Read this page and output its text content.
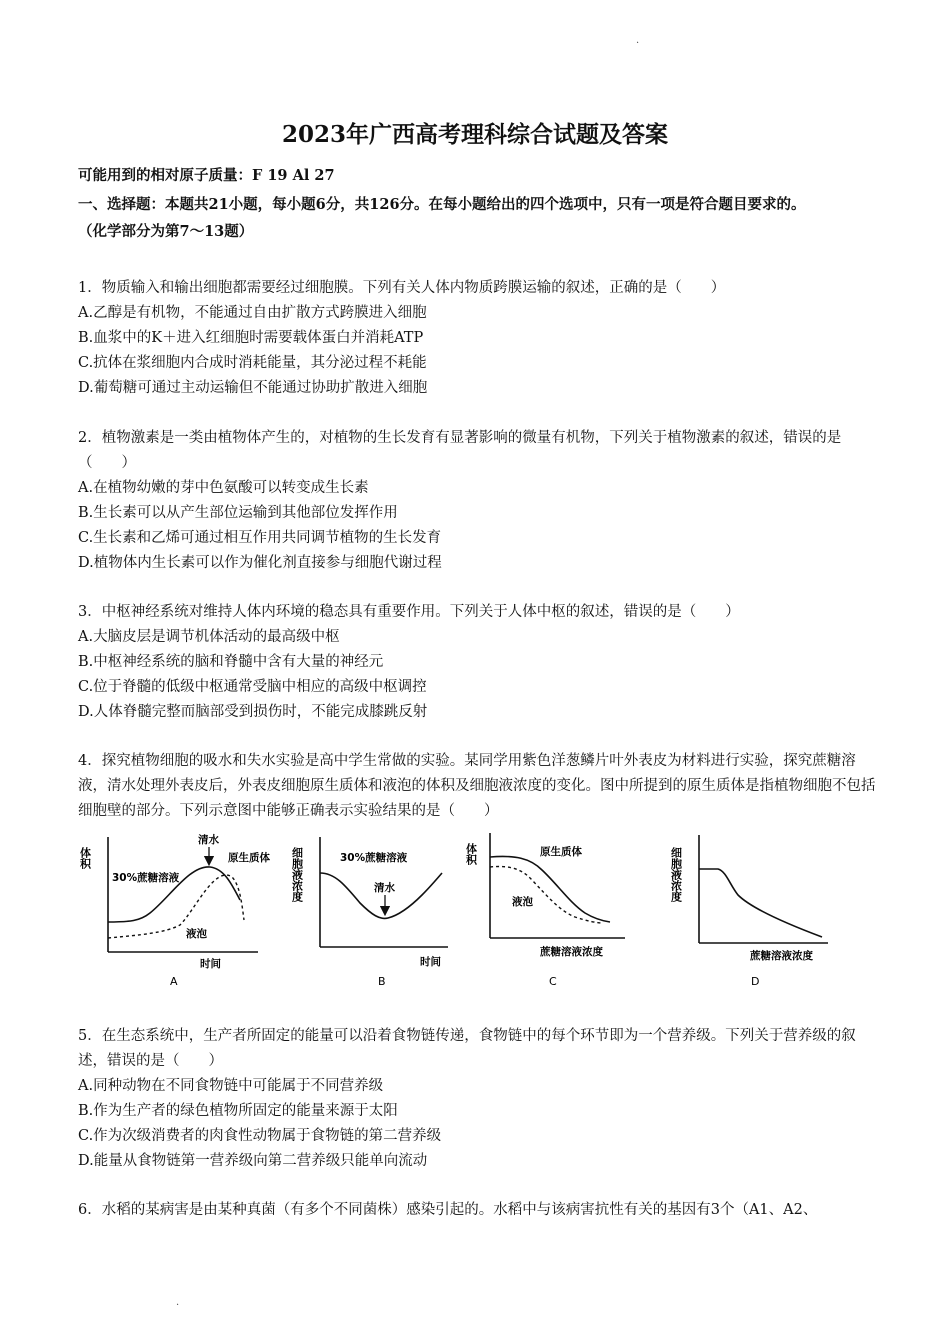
·
2023年广西高考理科综合试题及答案
可能用到的相对原子质量：F 19 Al 27
一、选择题：本题共21小题，每小题6分，共126分。在每小题给出的四个选项中，只有一项是符合题目要求的。
（化学部分为第7～13题）
1．物质输入和输出细胞都需要经过细胞膜。下列有关人体内物质跨膜运输的叙述，正确的是（　　）
A.乙醇是有机物，不能通过自由扩散方式跨膜进入细胞
B.血浆中的K＋进入红细胞时需要载体蛋白并消耗ATP
C.抗体在浆细胞内合成时消耗能量，其分泌过程不耗能
D.葡萄糖可通过主动运输但不能通过协助扩散进入细胞
2．植物激素是一类由植物体产生的，对植物的生长发育有显著影响的微量有机物，下列关于植物激素的叙述，错误的是（　　）
A.在植物幼嫩的芽中色氨酸可以转变成生长素
B.生长素可以从产生部位运输到其他部位发挥作用
C.生长素和乙烯可通过相互作用共同调节植物的生长发育
D.植物体内生长素可以作为催化剂直接参与细胞代谢过程
3．中枢神经系统对维持人体内环境的稳态具有重要作用。下列关于人体中枢的叙述，错误的是（　　）
A.大脑皮层是调节机体活动的最高级中枢
B.中枢神经系统的脑和脊髓中含有大量的神经元
C.位于脊髓的低级中枢通常受脑中相应的高级中枢调控
D.人体脊髓完整而脑部受到损伤时，不能完成膝跳反射
4．探究植物细胞的吸水和失水实验是高中学生常做的实验。某同学用紫色洋葱鳞片叶外表皮为材料进行实验，探究蔗糖溶液，清水处理外表皮后，外表皮细胞原生质体和液泡的体积及细胞液浓度的变化。图中所提到的原生质体是指植物细胞不包括细胞壁的部分。下列示意图中能够正确表示实验结果的是（　　）
体积
30%蔗糖溶液
清水
原生质体
液泡
时间
A
细胞液浓度	30%蔗糖溶液
清水
时间
B
体积	原生质体
液泡
蔗糖溶液浓度
C
细胞液浓度
蔗糖溶液浓度
D
5．在生态系统中，生产者所固定的能量可以沿着食物链传递，食物链中的每个环节即为一个营养级。下列关于营养级的叙述，错误的是（　　）
A.同种动物在不同食物链中可能属于不同营养级
B.作为生产者的绿色植物所固定的能量来源于太阳
C.作为次级消费者的肉食性动物属于食物链的第二营养级
D.能量从食物链第一营养级向第二营养级只能单向流动
6．水稻的某病害是由某种真菌（有多个不同菌株）感染引起的。水稻中与该病害抗性有关的基因有3个（A1、A2、
·
